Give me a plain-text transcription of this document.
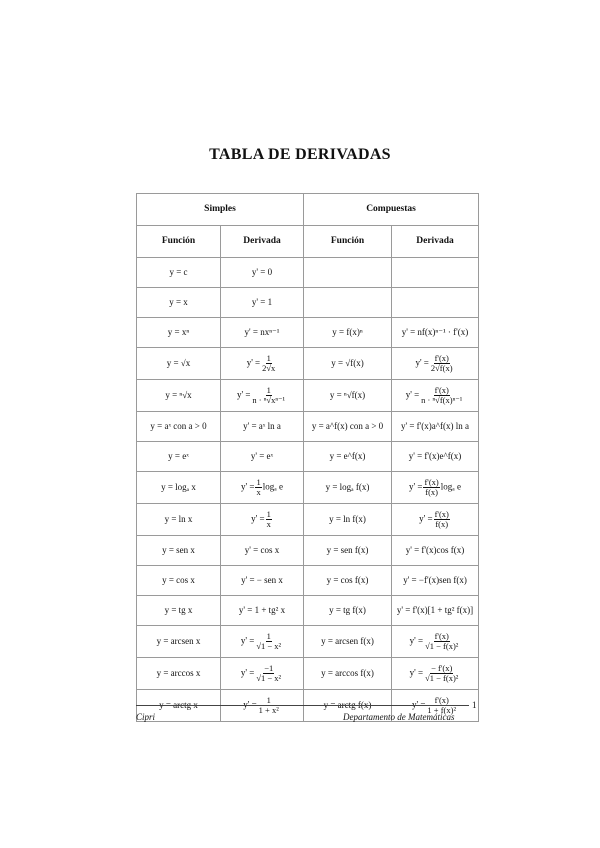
TABLA DE DERIVADAS
Simples		Compuestas	
Función	Derivada	Función	Derivada
y = c	y' = 0		
y = x	y' = 1		
y = xⁿ	y' = nxⁿ⁻¹	y = f(x)ⁿ	y' = nf(x)ⁿ⁻¹ · f'(x)
y = √x	$y' = \frac{1}{2√x}$	y = √f(x)	$y' = \frac{f'(x)}{2√f(x)}$

y = ⁿ√x	$y' = \frac{1}{\text{n · ⁿ√xⁿ⁻¹}}$	y = ⁿ√f(x)	$y' = \frac{f'(x)}{\text{n · ⁿ√f(x)ⁿ⁻¹}}$

y = aˣ con a > 0	y' = aˣ ln a	y = a^f(x) con a > 0	y' = f'(x)a^f(x) ln a
y = eˣ	y' = eˣ	y = e^f(x)	y' = f'(x)e^f(x)
y = logₐ x	$y' = \frac{1}{x}$ logₐ e	y = logₐ f(x)	$y' = \frac{f'(x)}{f(x)}$ logₐ e
y = ln x	$y' = \frac{1}{x}$	y = ln f(x)	$y' = \frac{f'(x)}{f(x)}$

y = sen x	y' = cos x	y = sen f(x)	y' = f'(x)cos f(x)
y = cos x	y' = − sen x	y = cos f(x)	y' = −f'(x)sen f(x)
y = tg x	y' = 1 + tg² x	y = tg f(x)	y' = f'(x)[1 + tg² f(x)]
y = arcsen x	$y' = \frac{1}{\text{√1 − x²}}$	y = arcsen f(x)	$y' = \frac{f'(x)}{\text{√1 − f(x)²}}$

y = arccos x	$y' = \frac{-1}{\text{√1 − x²}}$	y = arccos f(x)	$y' = \frac{- f'(x)}{\text{√1 − f(x)²}}$

y = arctg x	$y' = \frac{1}{\text{1 + x²}}$	y = arctg f(x)	$y' = \frac{f'(x)}{\text{1 + f(x)²}} 1$
Cipri	Departamento de Matemáticas
